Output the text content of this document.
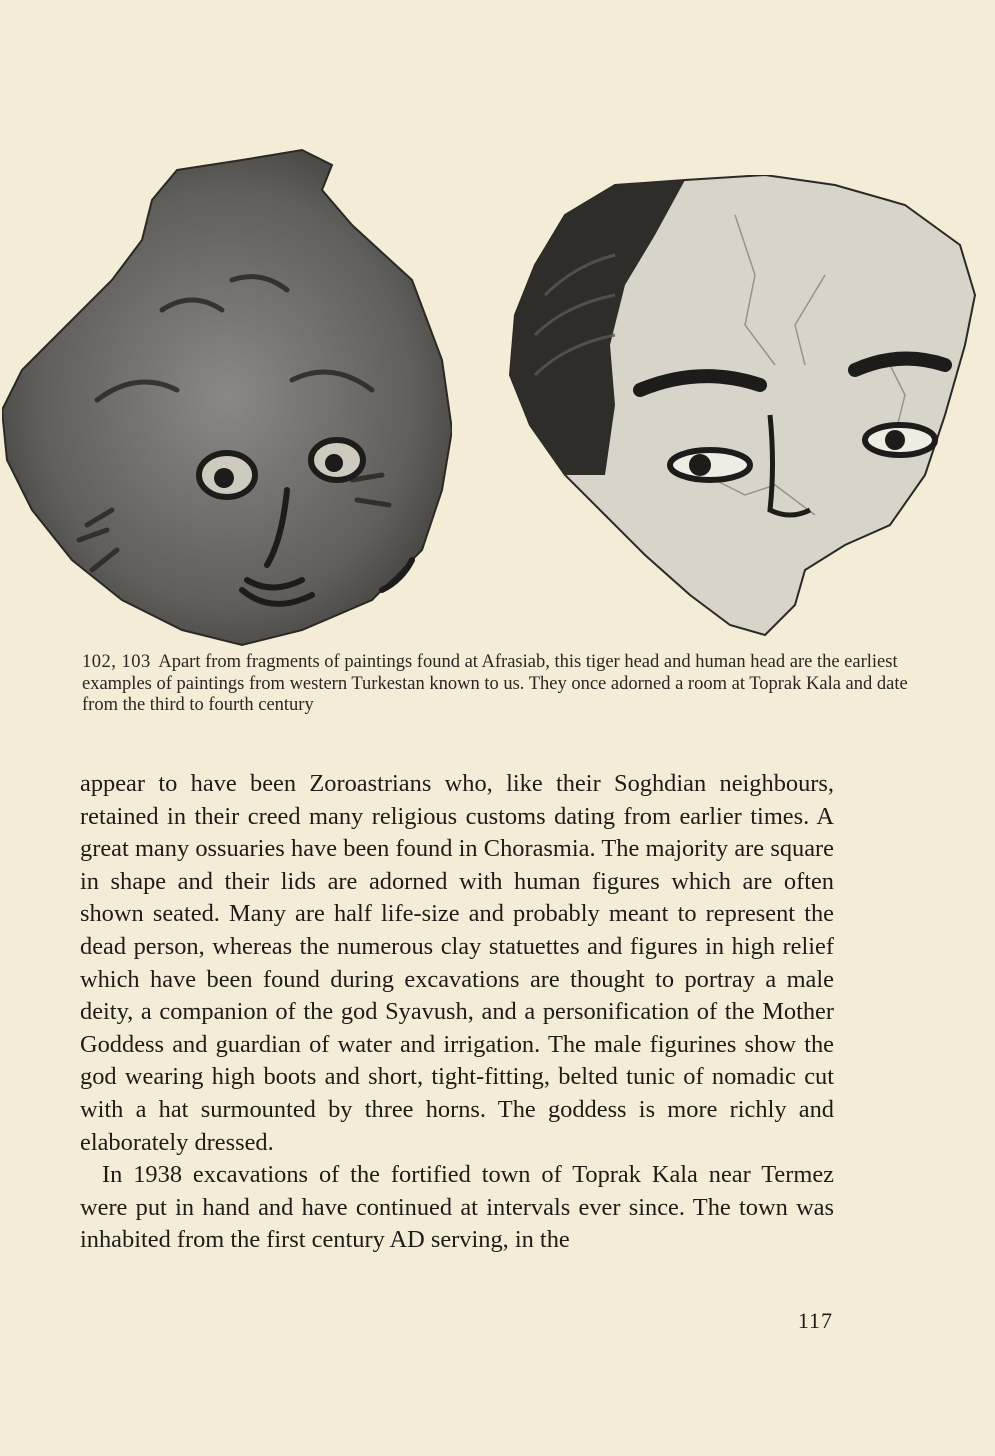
102, 103 Apart from fragments of paintings found at Afrasiab, this tiger head and human head are the earliest examples of paintings from western Turkestan known to us. They once adorned a room at Toprak Kala and date from the third to fourth century

appear to have been Zoroastrians who, like their Soghdian neighbours, retained in their creed many religious customs dating from earlier times. A great many ossuaries have been found in Chorasmia. The majority are square in shape and their lids are adorned with human figures which are often shown seated. Many are half life-size and probably meant to represent the dead person, whereas the numerous clay statuettes and figures in high relief which have been found during excavations are thought to portray a male deity, a companion of the god Syavush, and a personification of the Mother Goddess and guardian of water and irrigation. The male figurines show the god wearing high boots and short, tight-fitting, belted tunic of nomadic cut with a hat surmounted by three horns. The goddess is more richly and elaborately dressed.

In 1938 excavations of the fortified town of Toprak Kala near Termez were put in hand and have continued at intervals ever since. The town was inhabited from the first century AD serving, in the

117
